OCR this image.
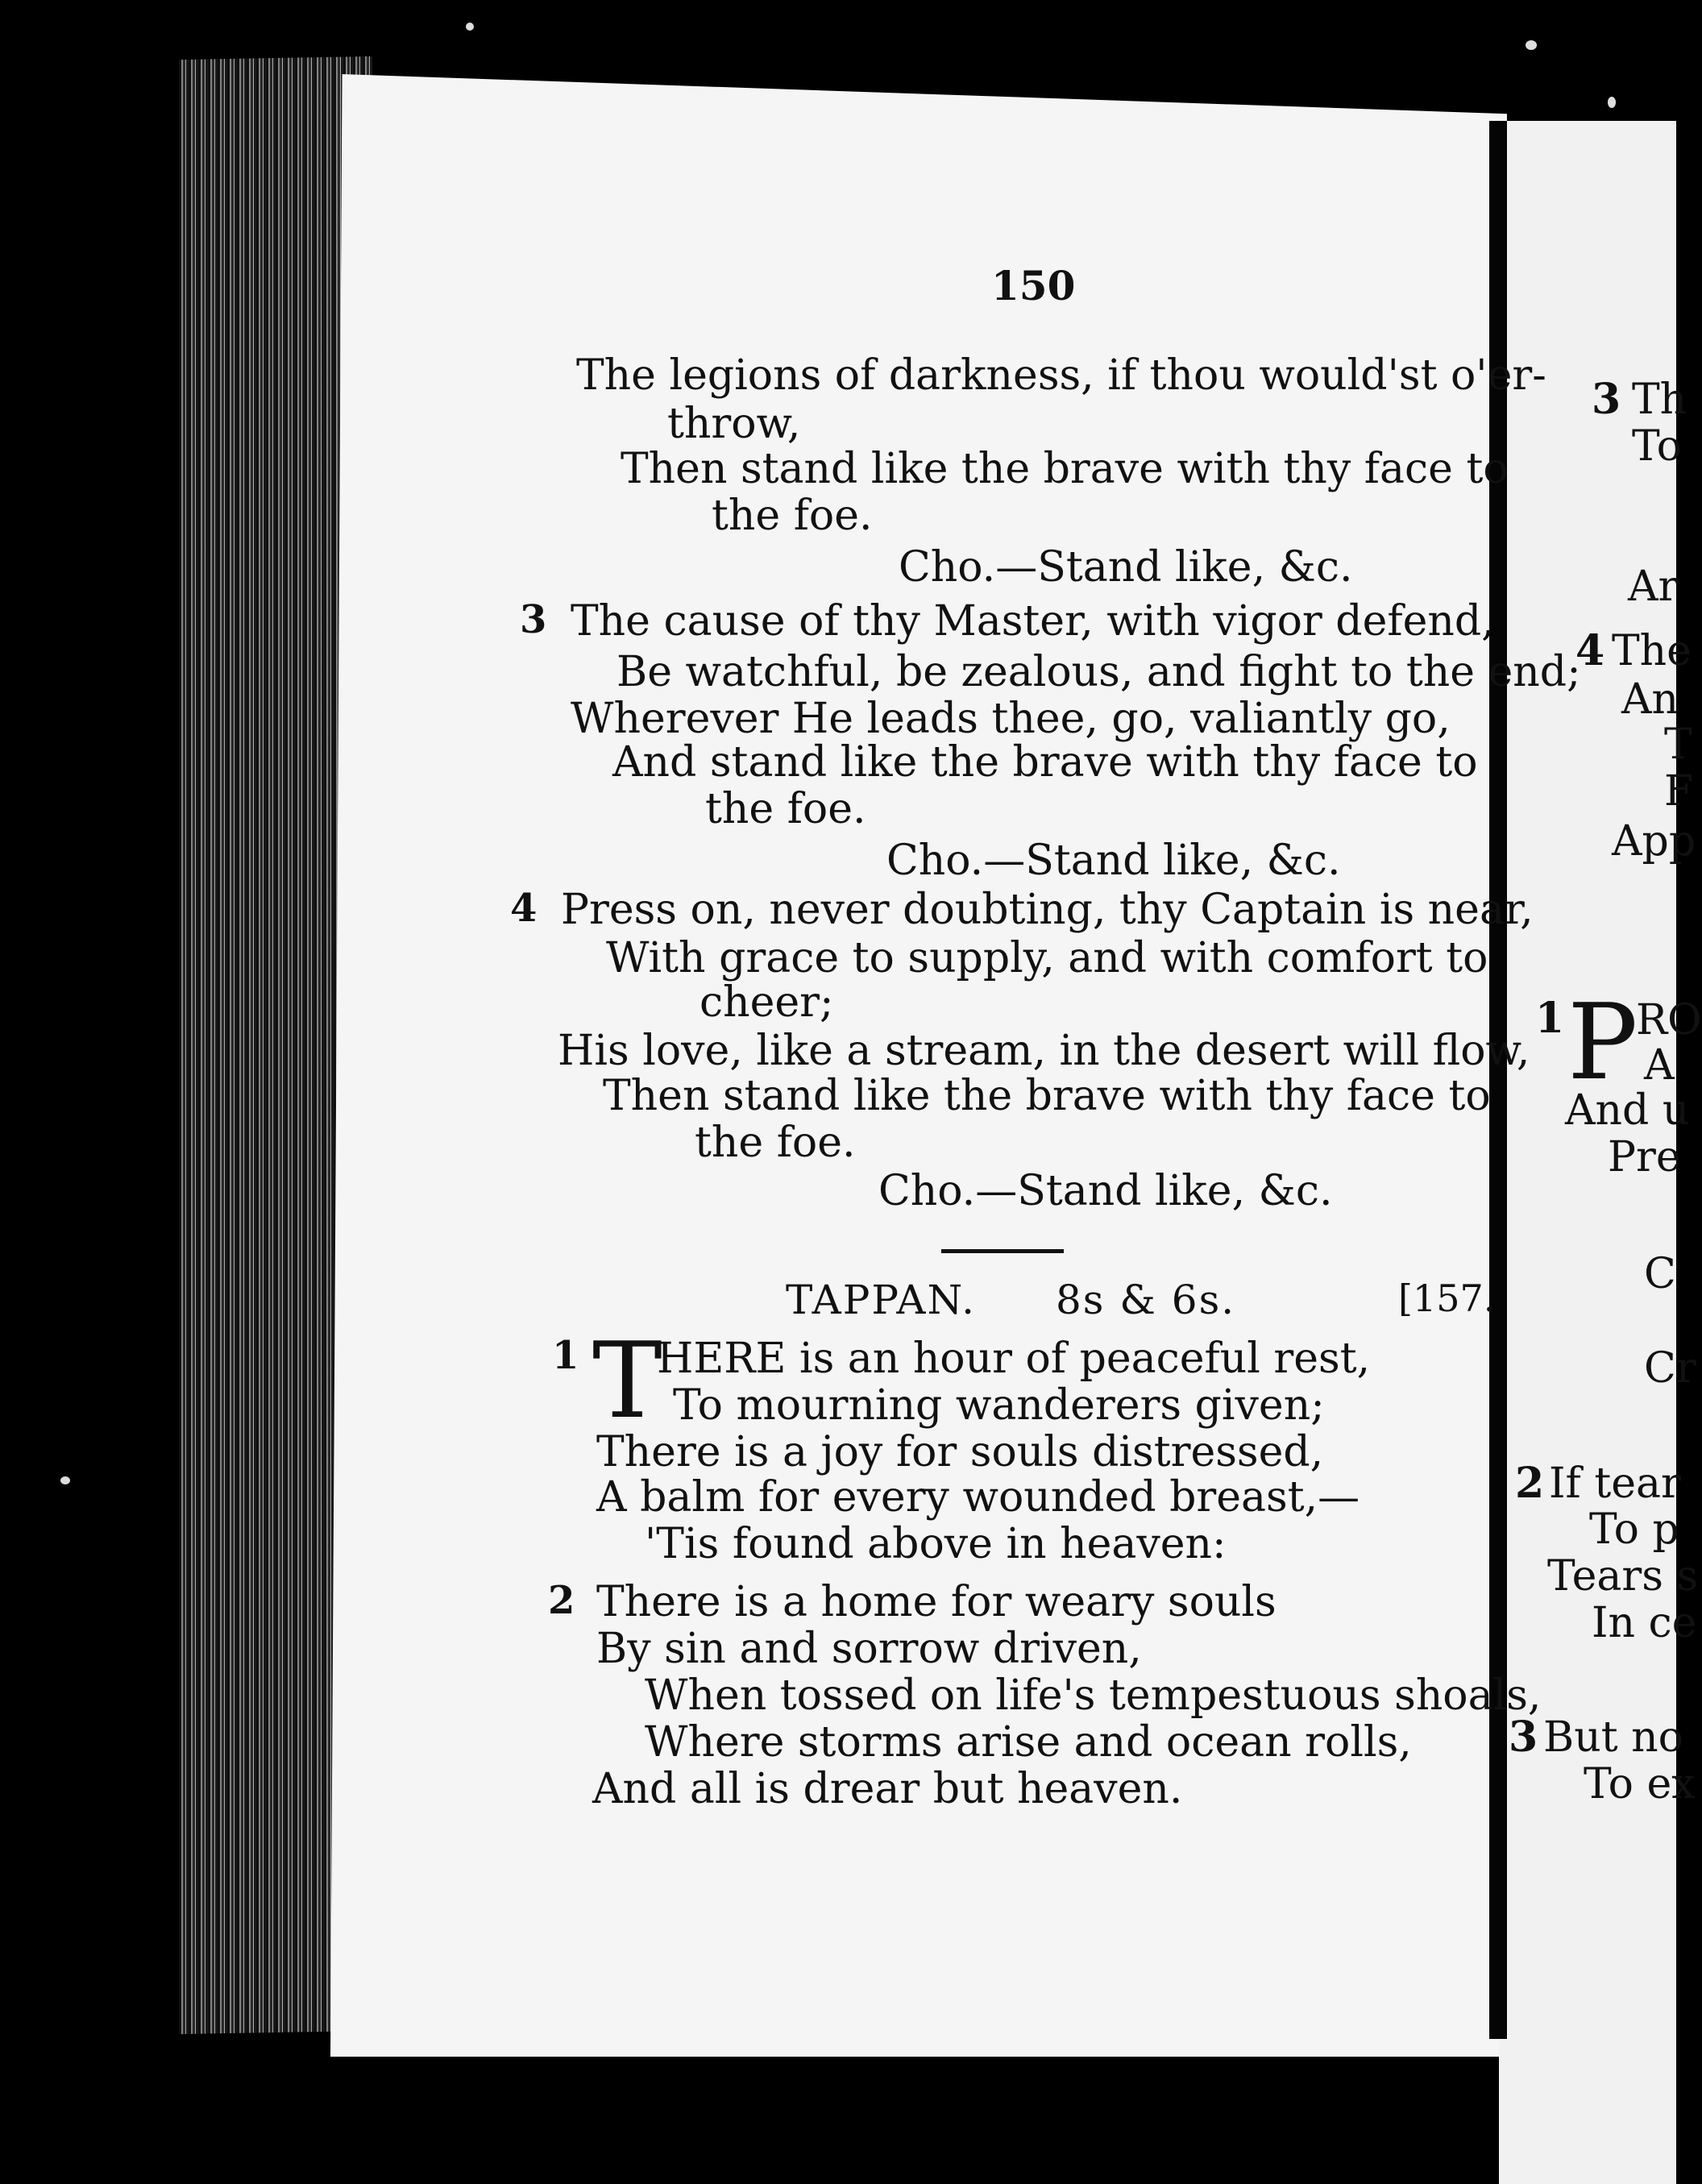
150
The legions of darkness, if thou would'st o'er-
throw,
Then stand like the brave with thy face to
the foe.
Cho.—Stand like, &c.
3 The cause of thy Master, with vigor defend,
Be watchful, be zealous, and fight to the end;
Wherever He leads thee, go, valiantly go,
And stand like the brave with thy face to
the foe.
Cho.—Stand like, &c.
4 Press on, never doubting, thy Captain is near,
With grace to supply, and with comfort to
cheer;
His love, like a stream, in the desert will flow,
Then stand like the brave with thy face to
the foe.
Cho.—Stand like, &c.
TAPPAN. 8s & 6s.	[157.
1 T
HERE is an hour of peaceful rest,
To mourning wanderers given;
There is a joy for souls distressed,
A balm for every wounded breast,—
'Tis found above in heaven:
2 There is a home for weary souls
By sin and sorrow driven,
When tossed on life's tempestuous shoals,
Where storms arise and ocean rolls,
And all is drear but heaven.
3 Th
To
Ar
4 The
An
T
F
App
1 P
RO
A
And u
Pre
C
Cr
2 If tear
To p
Tears s
In ce
3 But no
To ex
